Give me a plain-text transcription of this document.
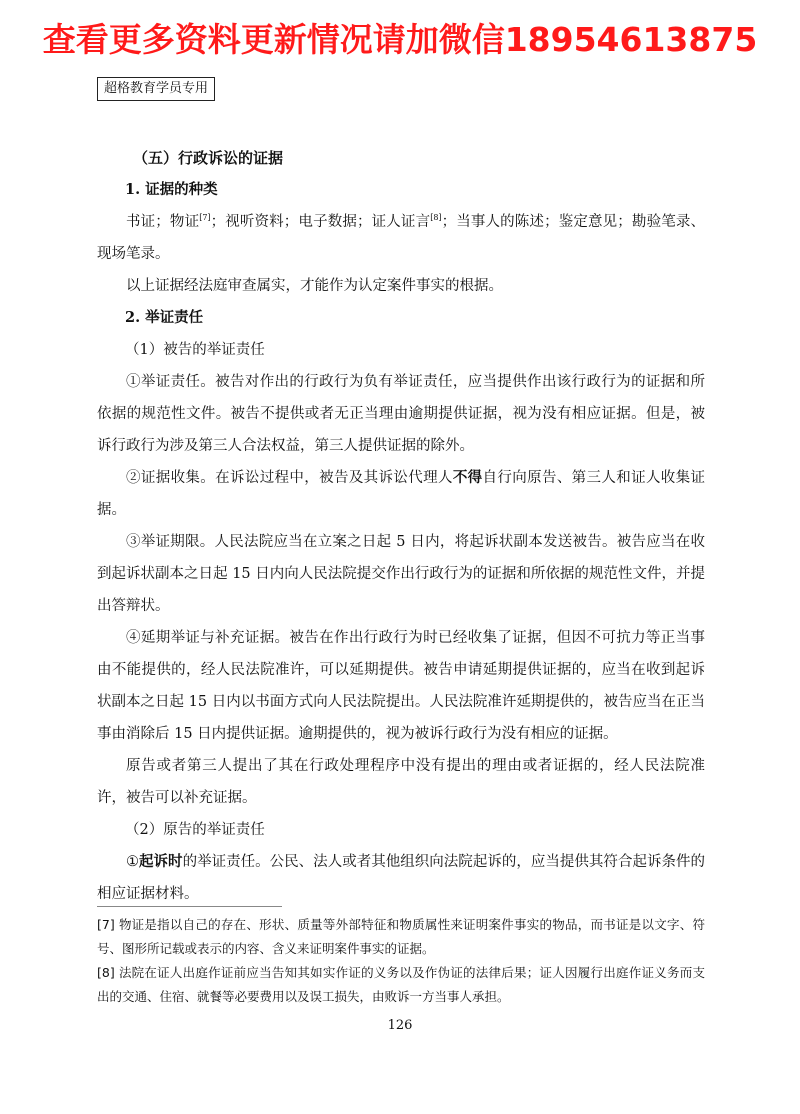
查看更多资料更新情况请加微信18954613875
超格教育学员专用
（五）行政诉讼的证据
1. 证据的种类
书证；物证[7]；视听资料；电子数据；证人证言[8]；当事人的陈述；鉴定意见；勘验笔录、现场笔录。
以上证据经法庭审查属实，才能作为认定案件事实的根据。
2. 举证责任
（1）被告的举证责任
①举证责任。被告对作出的行政行为负有举证责任，应当提供作出该行政行为的证据和所依据的规范性文件。被告不提供或者无正当理由逾期提供证据，视为没有相应证据。但是，被诉行政行为涉及第三人合法权益，第三人提供证据的除外。
②证据收集。在诉讼过程中，被告及其诉讼代理人不得自行向原告、第三人和证人收集证据。
③举证期限。人民法院应当在立案之日起 5 日内，将起诉状副本发送被告。被告应当在收到起诉状副本之日起 15 日内向人民法院提交作出行政行为的证据和所依据的规范性文件，并提出答辩状。
④延期举证与补充证据。被告在作出行政行为时已经收集了证据，但因不可抗力等正当事由不能提供的，经人民法院准许，可以延期提供。被告申请延期提供证据的，应当在收到起诉状副本之日起 15 日内以书面方式向人民法院提出。人民法院准许延期提供的，被告应当在正当事由消除后 15 日内提供证据。逾期提供的，视为被诉行政行为没有相应的证据。
原告或者第三人提出了其在行政处理程序中没有提出的理由或者证据的，经人民法院准许，被告可以补充证据。
（2）原告的举证责任
①起诉时的举证责任。公民、法人或者其他组织向法院起诉的，应当提供其符合起诉条件的相应证据材料。
[7] 物证是指以自己的存在、形状、质量等外部特征和物质属性来证明案件事实的物品，而书证是以文字、符号、图形所记载或表示的内容、含义来证明案件事实的证据。
[8] 法院在证人出庭作证前应当告知其如实作证的义务以及作伪证的法律后果；证人因履行出庭作证义务而支出的交通、住宿、就餐等必要费用以及误工损失，由败诉一方当事人承担。
126
